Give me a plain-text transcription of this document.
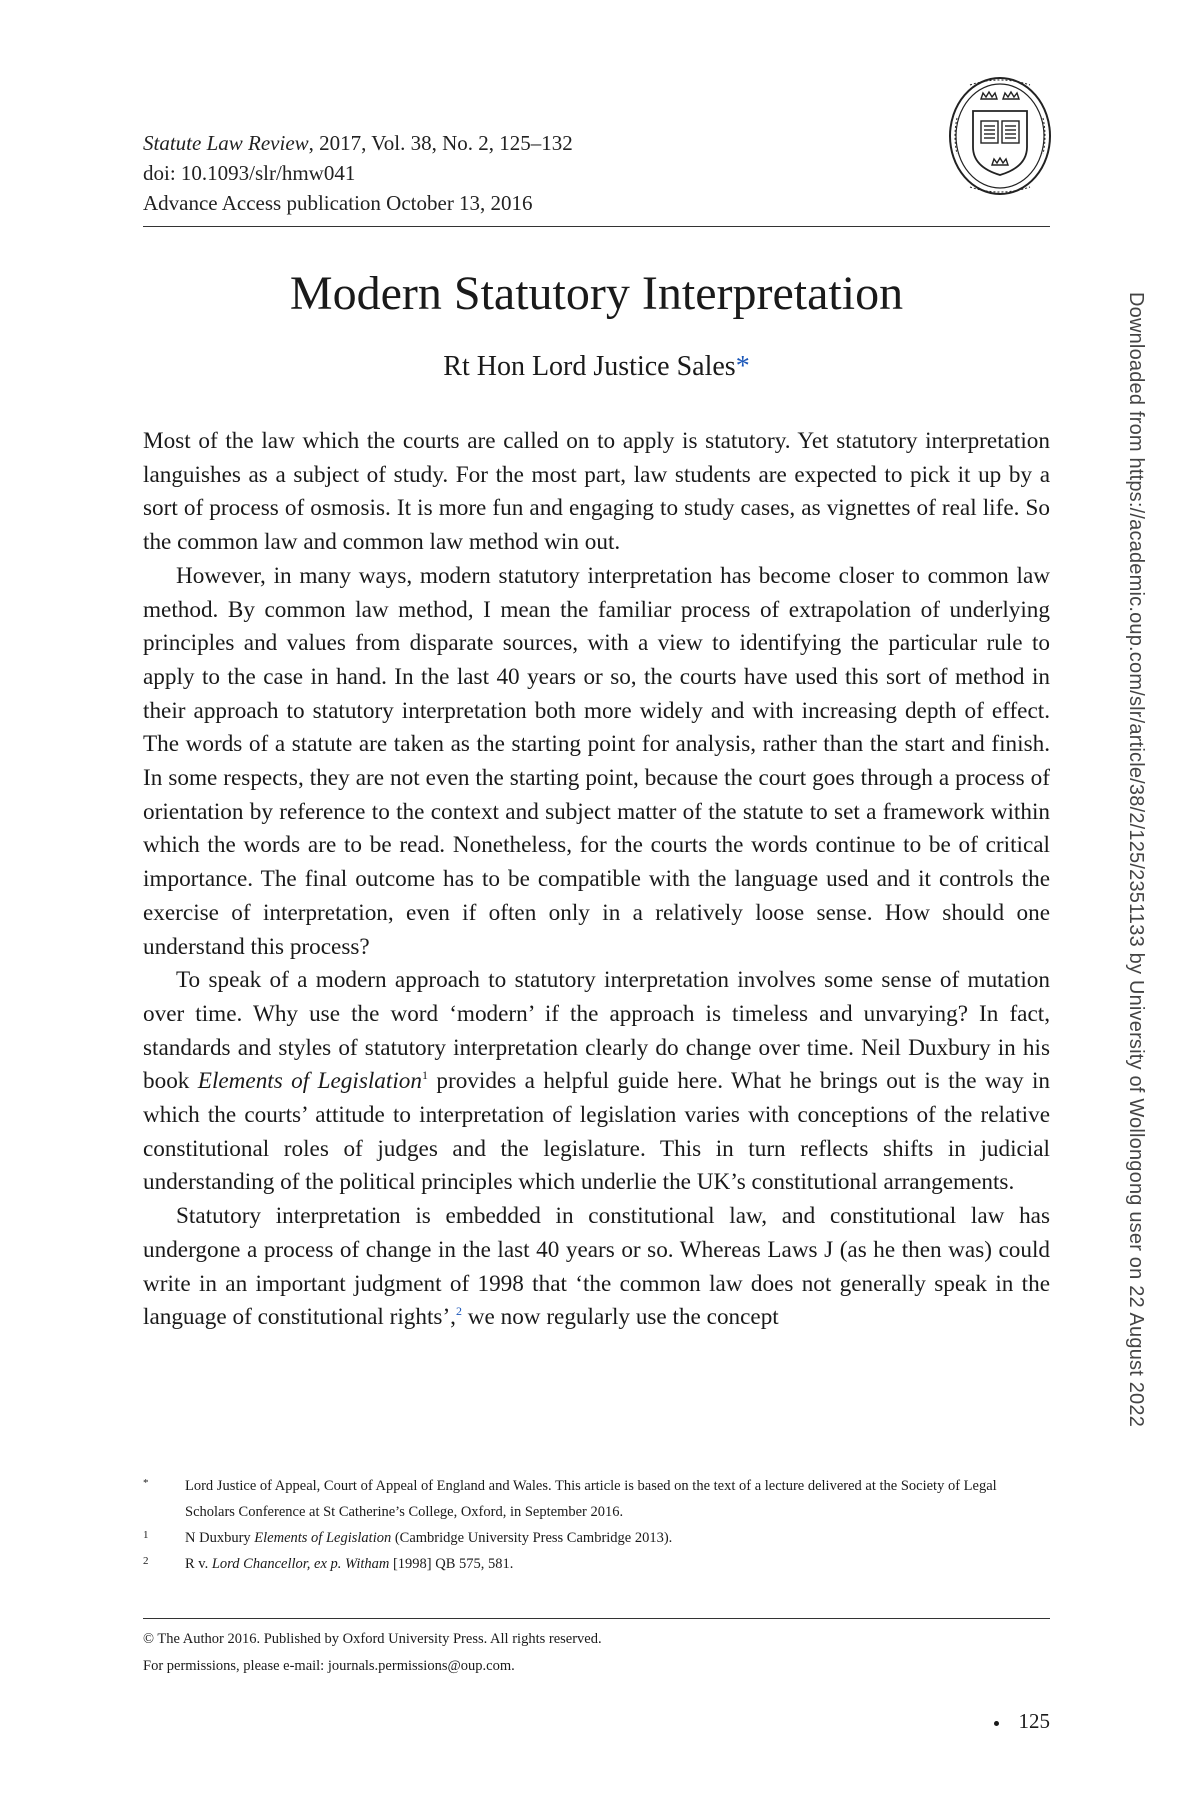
Statute Law Review, 2017, Vol. 38, No. 2, 125–132
doi: 10.1093/slr/hmw041
Advance Access publication October 13, 2016
Modern Statutory Interpretation
Rt Hon Lord Justice Sales*

Most of the law which the courts are called on to apply is statutory. Yet statutory interpretation languishes as a subject of study. For the most part, law students are expected to pick it up by a sort of process of osmosis. It is more fun and engaging to study cases, as vignettes of real life. So the common law and common law method win out.

However, in many ways, modern statutory interpretation has become closer to common law method. By common law method, I mean the familiar process of extrapolation of underlying principles and values from disparate sources, with a view to identifying the particular rule to apply to the case in hand. In the last 40 years or so, the courts have used this sort of method in their approach to statutory interpretation both more widely and with increasing depth of effect. The words of a statute are taken as the starting point for analysis, rather than the start and finish. In some respects, they are not even the starting point, because the court goes through a process of orientation by reference to the context and subject matter of the statute to set a framework within which the words are to be read. Nonetheless, for the courts the words continue to be of critical importance. The final outcome has to be compatible with the language used and it controls the exercise of interpretation, even if often only in a relatively loose sense. How should one understand this process?

To speak of a modern approach to statutory interpretation involves some sense of mutation over time. Why use the word ‘modern’ if the approach is timeless and unvarying? In fact, standards and styles of statutory interpretation clearly do change over time. Neil Duxbury in his book Elements of Legislation$^1$ provides a helpful guide here. What he brings out is the way in which the courts’ attitude to interpretation of legislation varies with conceptions of the relative constitutional roles of judges and the legislature. This in turn reflects shifts in judicial understanding of the political principles which underlie the UK’s constitutional arrangements.

Statutory interpretation is embedded in constitutional law, and constitutional law has undergone a process of change in the last 40 years or so. Whereas Laws J (as he then was) could write in an important judgment of 1998 that ‘the common law does not generally speak in the language of constitutional rights’,$^2$ we now regularly use the concept

*	Lord Justice of Appeal, Court of Appeal of England and Wales. This article is based on the text of a lecture delivered at the Society of Legal Scholars Conference at St Catherine’s College, Oxford, in September 2016.
1	N Duxbury Elements of Legislation (Cambridge University Press Cambridge 2013).
2	R v. Lord Chancellor, ex p. Witham [1998] QB 575, 581.
© The Author 2016. Published by Oxford University Press. All rights reserved.
For permissions, please e-mail: journals.permissions@oup.com.
125
Downloaded from https://academic.oup.com/slr/article/38/2/125/2351133 by University of Wollongong user on 22 August 2022
